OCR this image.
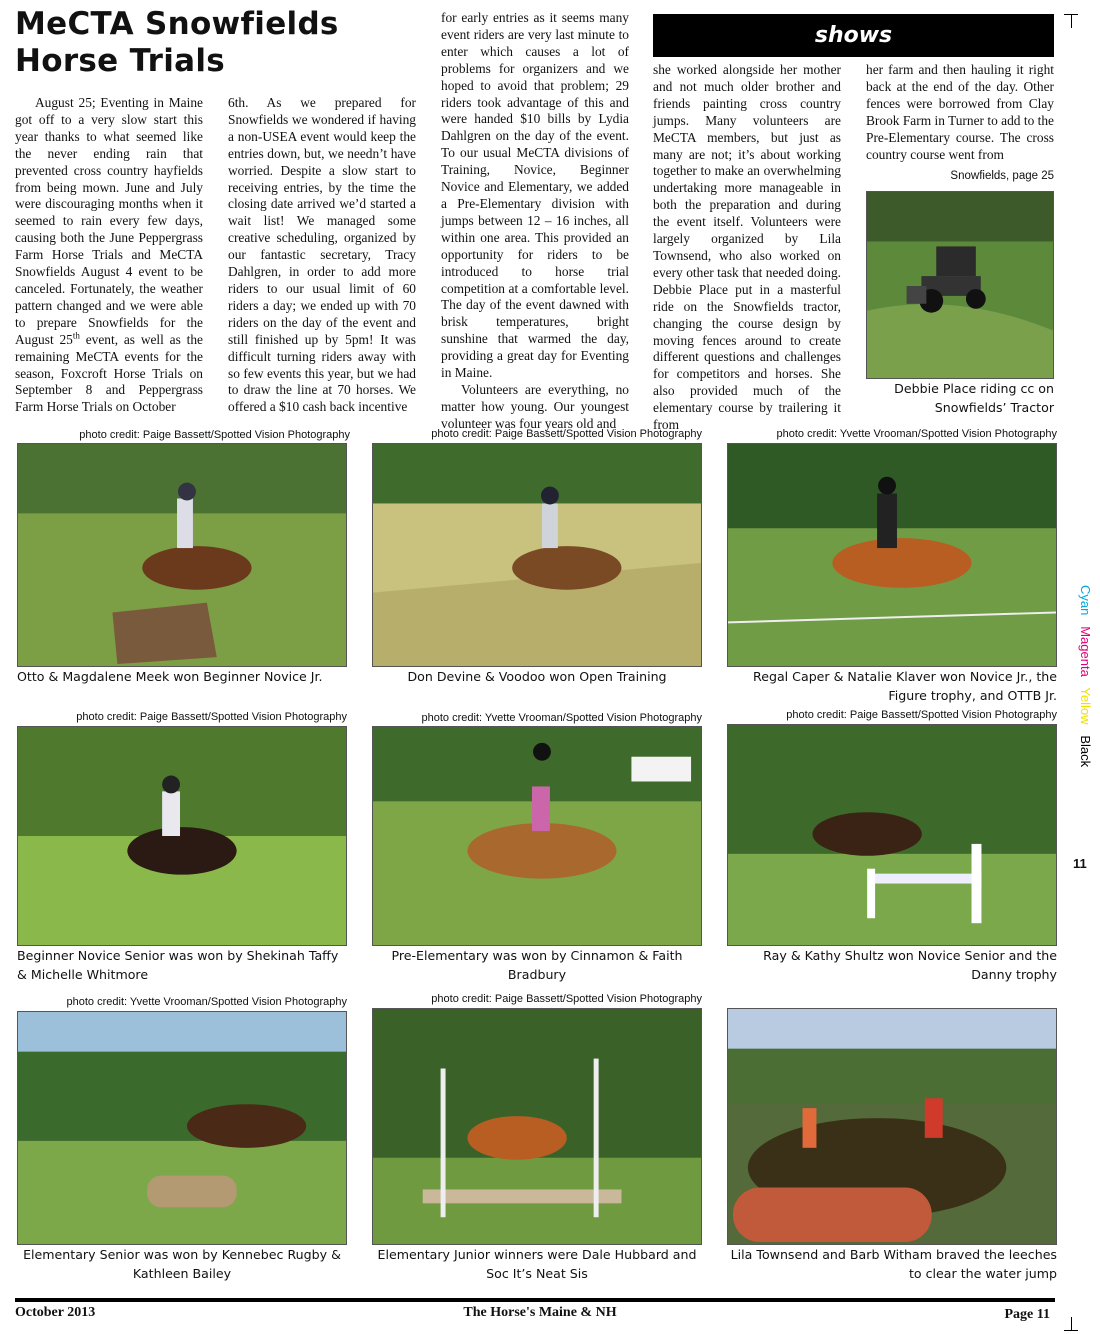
MeCTA Snowfields
Horse Trials

August 25; Eventing in Maine got off to a very slow start this year thanks to what seemed like the never ending rain that prevented cross country hayfields from being mown. June and July were discouraging months when it seemed to rain every few days, causing both the June Peppergrass Farm Horse Trials and MeCTA Snowfields August 4 event to be canceled. Fortunately, the weather pattern changed and we were able to prepare Snowfields for the August 25th event, as well as the remaining MeCTA events for the season, Foxcroft Horse Trials on September 8 and Peppergrass Farm Horse Trials on October

6th. As we prepared for Snowfields we wondered if having a non-USEA event would keep the entries down, but, we needn’t have worried. Despite a slow start to receiving entries, by the time the closing date arrived we’d started a wait list! We managed some creative scheduling, organized by our fantastic secretary, Tracy Dahlgren, in order to add more riders to our usual limit of 60 riders a day; we ended up with 70 riders on the day of the event and still finished up by 5pm! It was difficult turning riders away with so few events this year, but we had to draw the line at 70 horses. We offered a $10 cash back incentive

for early entries as it seems many event riders are very last minute to enter which causes a lot of problems for organizers and we hoped to avoid that problem; 29 riders took advantage of this and were handed $10 bills by Lydia Dahlgren on the day of the event. To our usual MeCTA divisions of Training, Novice, Beginner Novice and Elementary, we added a Pre-Elementary division with jumps between 12 – 16 inches, all within one area. This provided an opportunity for riders to be introduced to horse trial competition at a comfortable level. The day of the event dawned with brisk temperatures, bright sunshine that warmed the day, providing a great day for Eventing in Maine.

Volunteers are everything, no matter how young. Our youngest volunteer was four years old and

shows

she worked alongside her mother and not much older brother and friends painting cross country jumps. Many volunteers are MeCTA members, but just as many are not; it’s about working together to make an overwhelming undertaking more manageable in both the preparation and during the event itself. Volunteers were largely organized by Lila Townsend, who also worked on every other task that needed doing. Debbie Place put in a masterful ride on the Snowfields tractor, changing the course design by moving fences around to create different questions and challenges for competitors and horses. She also provided much of the elementary course by trailering it from

her farm and then hauling it right back at the end of the day. Other fences were borrowed from Clay Brook Farm in Turner to add to the Pre-Elementary course. The cross country course went from

Snowfields, page 25
Debbie Place riding cc on Snowfields’ Tractor
photo credit: Paige Bassett/Spotted Vision Photography
Otto & Magdalene Meek won Beginner Novice Jr.
photo credit: Paige Bassett/Spotted Vision Photography
Don Devine & Voodoo won Open Training
photo credit: Yvette Vrooman/Spotted Vision Photography
Regal Caper & Natalie Klaver won Novice Jr., the Figure trophy, and OTTB Jr.
photo credit: Paige Bassett/Spotted Vision Photography
Beginner Novice Senior was won by Shekinah Taffy & Michelle Whitmore
photo credit: Yvette Vrooman/Spotted Vision Photography
Pre-Elementary was won by Cinnamon & Faith Bradbury
photo credit: Paige Bassett/Spotted Vision Photography
Ray & Kathy Shultz won Novice Senior and the Danny trophy
photo credit: Yvette Vrooman/Spotted Vision Photography
Elementary Senior was won by Kennebec Rugby & Kathleen Bailey
photo credit: Paige Bassett/Spotted Vision Photography
Elementary Junior winners were Dale Hubbard and Soc It’s Neat Sis
Lila Townsend and Barb Witham braved the leeches to clear the water jump
Cyan   Magenta   Yellow   Black
11
October 2013	The Horse's Maine & NH	Page 11
